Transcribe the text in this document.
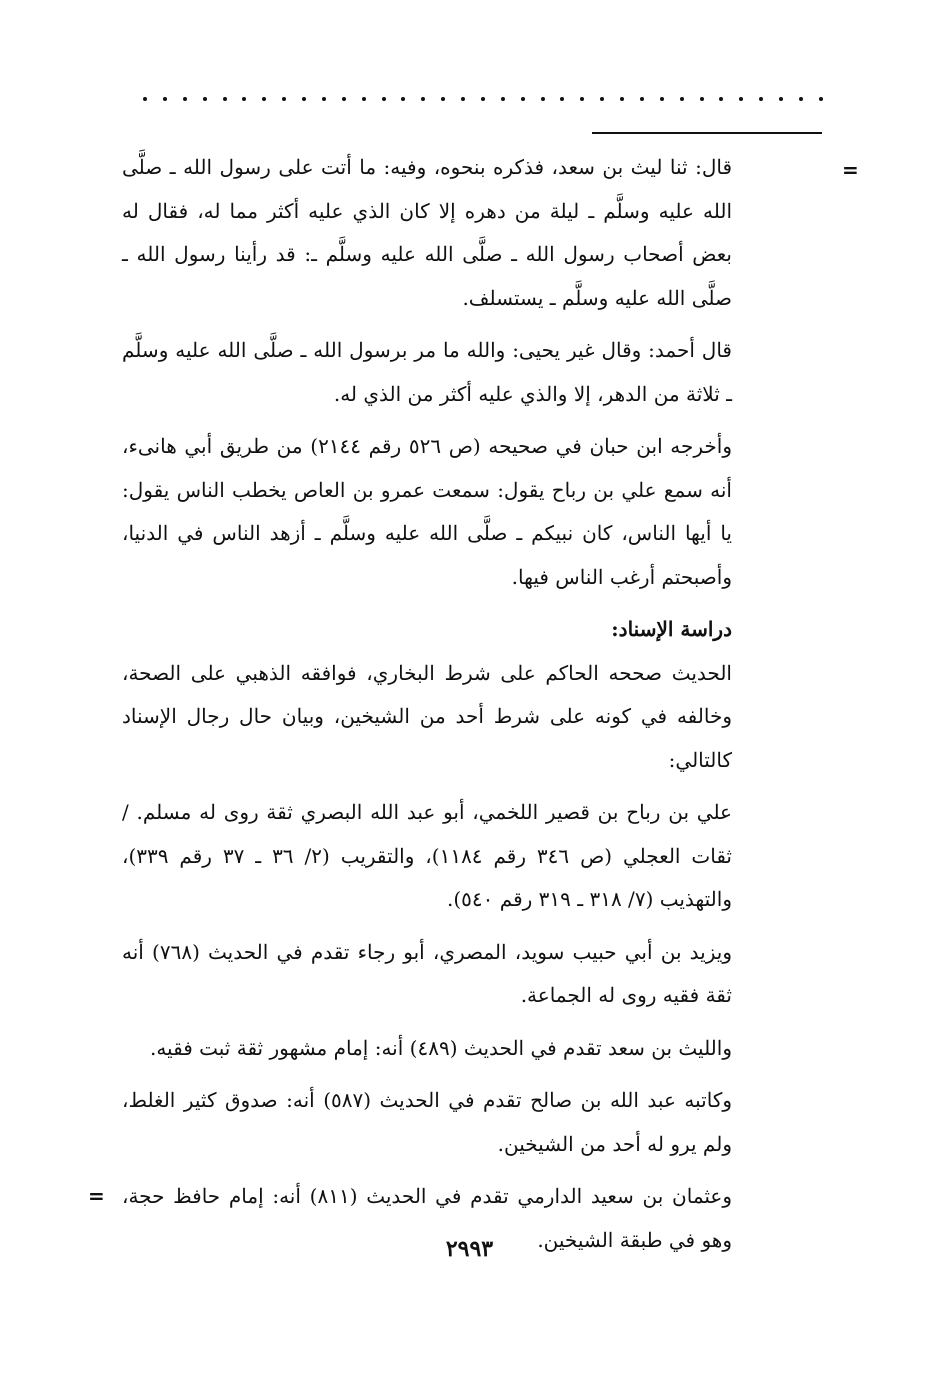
=
=

قال: ثنا ليث بن سعد، فذكره بنحوه، وفيه: ما أتت على رسول الله ـ صلَّى الله عليه وسلَّم ـ ليلة من دهره إلا كان الذي عليه أكثر مما له، فقال له بعض أصحاب رسول الله ـ صلَّى الله عليه وسلَّم ـ: قد رأينا رسول الله ـ صلَّى الله عليه وسلَّم ـ يستسلف.

قال أحمد: وقال غير يحيى: والله ما مر برسول الله ـ صلَّى الله عليه وسلَّم ـ ثلاثة من الدهر، إلا والذي عليه أكثر من الذي له.

وأخرجه ابن حبان في صحيحه (ص ٥٢٦ رقم ٢١٤٤) من طريق أبي هانىء، أنه سمع علي بن رباح يقول: سمعت عمرو بن العاص يخطب الناس يقول: يا أيها الناس، كان نبيكم ـ صلَّى الله عليه وسلَّم ـ أزهد الناس في الدنيا، وأصبحتم أرغب الناس فيها.

دراسة الإسناد:

الحديث صححه الحاكم على شرط البخاري، فوافقه الذهبي على الصحة، وخالفه في كونه على شرط أحد من الشيخين، وبيان حال رجال الإسناد كالتالي:

علي بن رباح بن قصير اللخمي، أبو عبد الله البصري ثقة روى له مسلم. / ثقات العجلي (ص ٣٤٦ رقم ١١٨٤)، والتقريب (٢/ ٣٦ ـ ٣٧ رقم ٣٣٩)، والتهذيب (٧/ ٣١٨ ـ ٣١٩ رقم ٥٤٠).

ويزيد بن أبي حبيب سويد، المصري، أبو رجاء تقدم في الحديث (٧٦٨) أنه ثقة فقيه روى له الجماعة.

والليث بن سعد تقدم في الحديث (٤٨٩) أنه: إمام مشهور ثقة ثبت فقيه.

وكاتبه عبد الله بن صالح تقدم في الحديث (٥٨٧) أنه: صدوق كثير الغلط، ولم يرو له أحد من الشيخين.

وعثمان بن سعيد الدارمي تقدم في الحديث (٨١١) أنه: إمام حافظ حجة، وهو في طبقة الشيخين.

٢٩٩٣
